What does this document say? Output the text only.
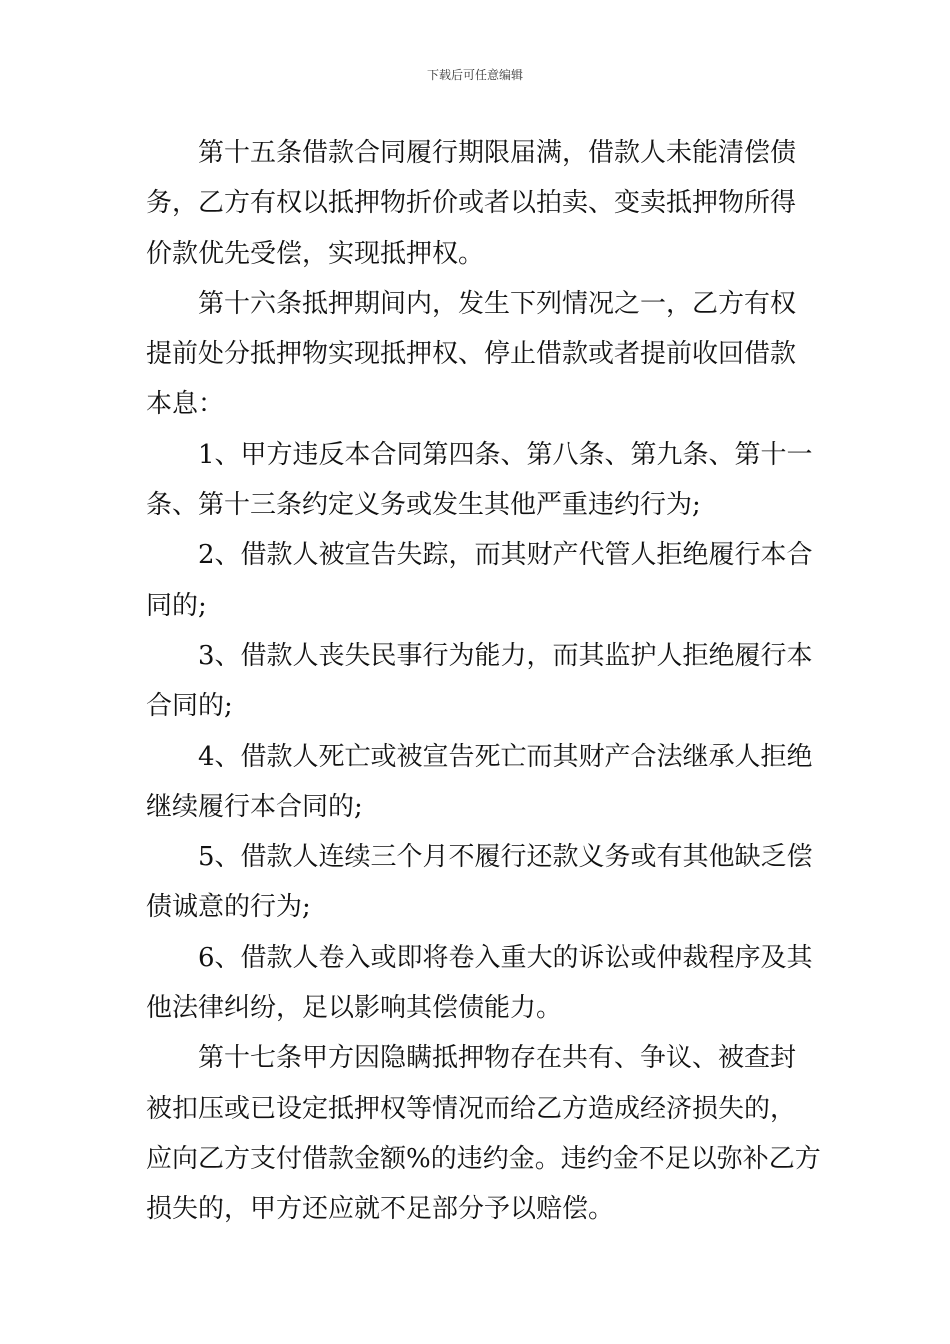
下载后可任意编辑
第十五条借款合同履行期限届满，借款人未能清偿债
务，乙方有权以抵押物折价或者以拍卖、变卖抵押物所得
价款优先受偿，实现抵押权。
第十六条抵押期间内，发生下列情况之一，乙方有权
提前处分抵押物实现抵押权、停止借款或者提前收回借款
本息：
1、甲方违反本合同第四条、第八条、第九条、第十一
条、第十三条约定义务或发生其他严重违约行为;
2、借款人被宣告失踪，而其财产代管人拒绝履行本合
同的;
3、借款人丧失民事行为能力，而其监护人拒绝履行本
合同的;
4、借款人死亡或被宣告死亡而其财产合法继承人拒绝
继续履行本合同的;
5、借款人连续三个月不履行还款义务或有其他缺乏偿
债诚意的行为;
6、借款人卷入或即将卷入重大的诉讼或仲裁程序及其
他法律纠纷，足以影响其偿债能力。
第十七条甲方因隐瞒抵押物存在共有、争议、被查封
被扣压或已设定抵押权等情况而给乙方造成经济损失的，
应向乙方支付借款金额%的违约金。违约金不足以弥补乙方
损失的，甲方还应就不足部分予以赔偿。
